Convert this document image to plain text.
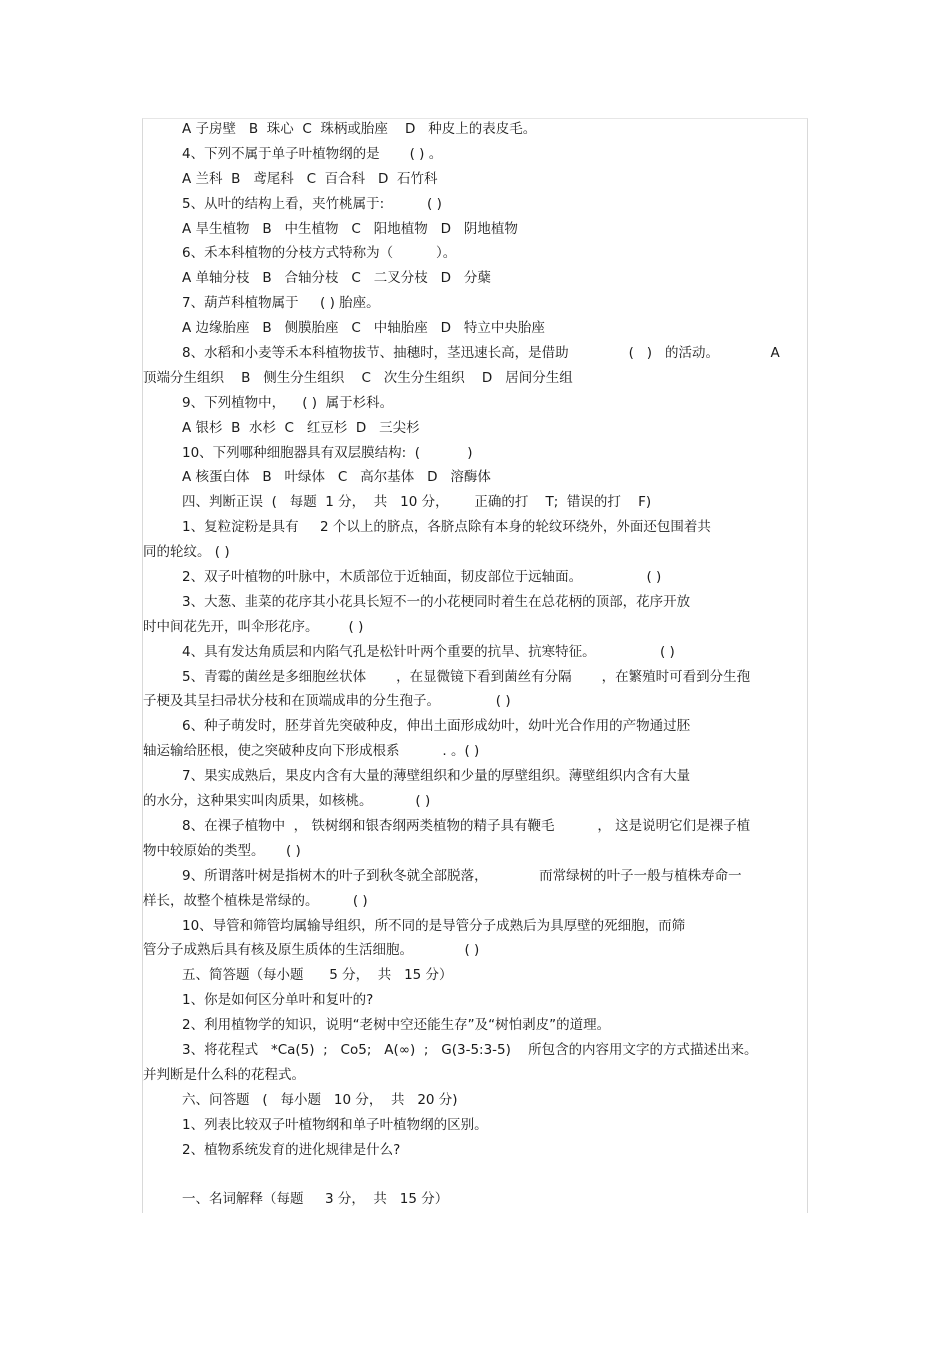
A 子房壁   B  珠心  C  珠柄或胎座    D   种皮上的表皮毛。
4、下列不属于单子叶植物纲的是       ( ) 。
A 兰科  B   鸢尾科   C  百合科   D  石竹科
5、从叶的结构上看，夹竹桃属于:          ( )
A 旱生植物   B   中生植物   C   阳地植物   D   阴地植物
6、禾本科植物的分枝方式特称为（          ）。
A 单轴分枝   B   合轴分枝   C   二叉分枝   D   分蘖
7、葫芦科植物属于     ( ) 胎座。
A 边缘胎座   B   侧膜胎座   C   中轴胎座   D   特立中央胎座
8、水稻和小麦等禾本科植物拔节、抽穗时，茎迅速长高，是借助              (   )   的活动。            A
顶端分生组织    B   侧生分生组织    C   次生分生组织    D   居间分生组
9、下列植物中，    ( )  属于杉科。
A 银杉  B  水杉  C   红豆杉  D   三尖杉
10、下列哪种细胞器具有双层膜结构:  (           )
A 核蛋白体   B   叶绿体   C   高尔基体   D   溶酶体
四、判断正误  (   每题  1 分，  共   10 分，      正确的打    T;  错误的打    F)
1、复粒淀粉是具有     2 个以上的脐点，各脐点除有本身的轮纹环绕外，外面还包围着共
同的轮纹。 ( )
2、双子叶植物的叶脉中，木质部位于近轴面，韧皮部位于远轴面。               ( )
3、大葱、韭菜的花序其小花具长短不一的小花梗同时着生在总花柄的顶部，花序开放
时中间花先开，叫伞形花序。       ( )
4、具有发达角质层和内陷气孔是松针叶两个重要的抗旱、抗寒特征。               ( )
5、青霉的菌丝是多细胞丝状体       ，在显微镜下看到菌丝有分隔       ，在繁殖时可看到分生孢
子梗及其呈扫帚状分枝和在顶端成串的分生孢子。             ( )
6、种子萌发时，胚芽首先突破种皮，伸出土面形成幼叶，幼叶光合作用的产物通过胚
轴运输给胚根，使之突破种皮向下形成根系          . 。( )
7、果实成熟后，果皮内含有大量的薄壁组织和少量的厚壁组织。薄壁组织内含有大量
的水分，这种果实叫肉质果，如核桃。          ( )
8、在裸子植物中  ， 铁树纲和银杏纲两类植物的精子具有鞭毛          ， 这是说明它们是裸子植
物中较原始的类型。     ( )
9、所谓落叶树是指树木的叶子到秋冬就全部脱落，            而常绿树的叶子一般与植株寿命一
样长，故整个植株是常绿的。        ( )
10、导管和筛管均属输导组织，所不同的是导管分子成熟后为具厚壁的死细胞，而筛
管分子成熟后具有核及原生质体的生活细胞。            ( )
五、简答题（每小题      5 分，  共   15 分）
1、你是如何区分单叶和复叶的?
2、利用植物学的知识，说明“老树中空还能生存”及“树怕剥皮”的道理。
3、将花程式   *Ca(5)  ;   Co5;   A(∞)  ;   G(3-5:3-5)    所包含的内容用文字的方式描述出来。
并判断是什么科的花程式。
六、问答题   (   每小题   10 分，  共   20 分)
1、列表比较双子叶植物纲和单子叶植物纲的区别。
2、植物系统发育的进化规律是什么?
一、名词解释（每题     3 分，  共   15 分）
